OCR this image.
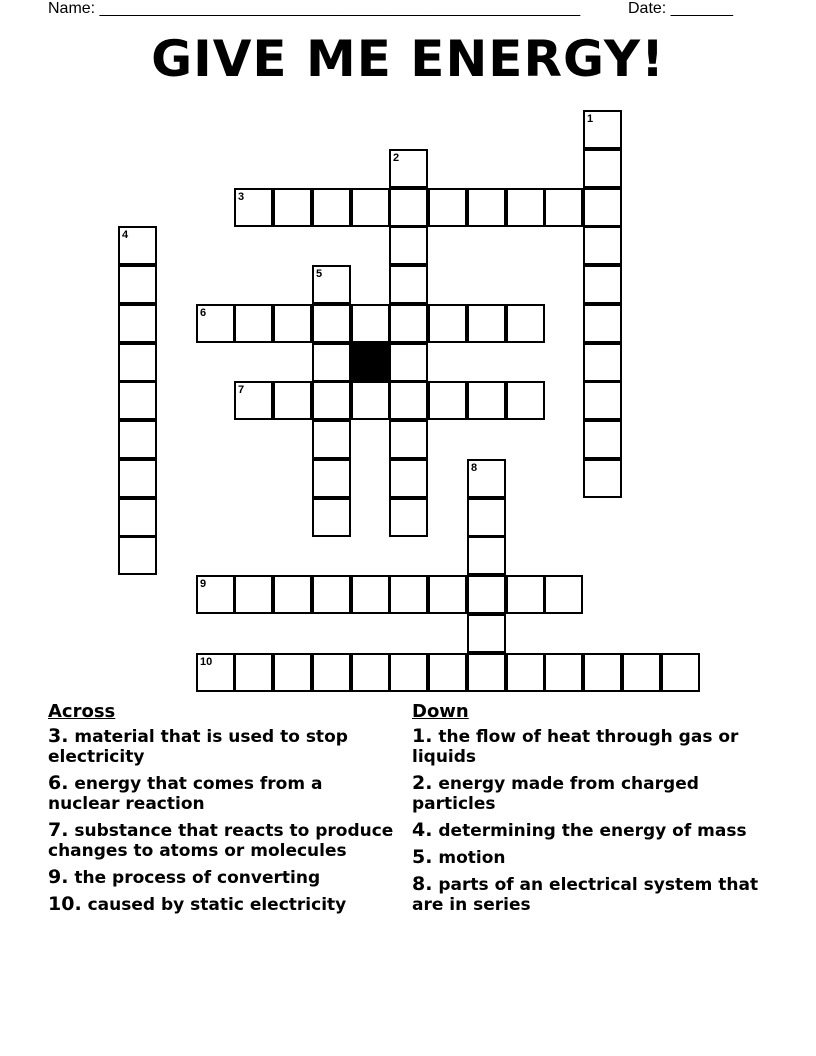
Name: ______________________________________________________	Date: _______
GIVE ME ENERGY!
1
2
3
4
5
6
7
8
9
10
Across
3. material that is used to stop electricity
6. energy that comes from a nuclear reaction
7. substance that reacts to produce changes to atoms or molecules
9. the process of converting
10. caused by static electricity
Down
1. the flow of heat through gas or liquids
2. energy made from charged particles
4. determining the energy of mass
5. motion
8. parts of an electrical system that are in series
